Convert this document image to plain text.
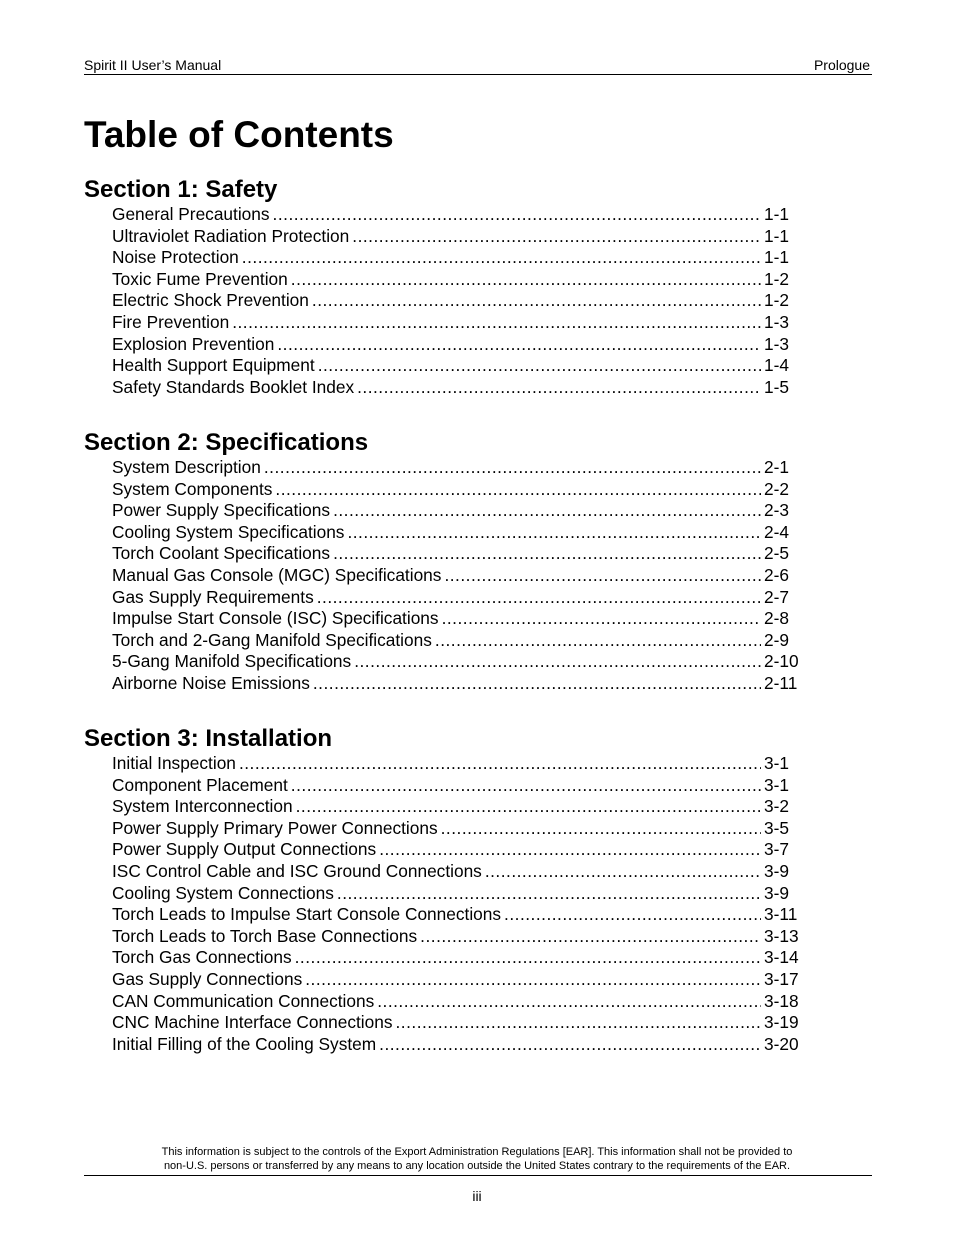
Spirit II User’s Manual	Prologue
Table of Contents
Section 1: Safety
General Precautions .....	1-1
Ultraviolet Radiation Protection .....	1-1
Noise Protection .....	1-1
Toxic Fume Prevention .....	1-2
Electric Shock Prevention .....	1-2
Fire Prevention .....	1-3
Explosion Prevention .....	1-3
Health Support Equipment .....	1-4
Safety Standards Booklet Index .....	1-5
Section 2: Specifications
System Description .....	2-1
System Components .....	2-2
Power Supply Specifications .....	2-3
Cooling System Specifications .....	2-4
Torch Coolant Specifications .....	2-5
Manual Gas Console (MGC) Specifications .....	2-6
Gas Supply Requirements .....	2-7
Impulse Start Console (ISC) Specifications .....	2-8
Torch and 2-Gang Manifold Specifications .....	2-9
5-Gang Manifold Specifications .....	2-10
Airborne Noise Emissions .....	2-11
Section 3: Installation
Initial Inspection .....	3-1
Component Placement .....	3-1
System Interconnection .....	3-2
Power Supply Primary Power Connections .....	3-5
Power Supply Output Connections .....	3-7
ISC Control Cable and ISC Ground Connections .....	3-9
Cooling System Connections .....	3-9
Torch Leads to Impulse Start Console Connections .....	3-11
Torch Leads to Torch Base Connections .....	3-13
Torch Gas Connections .....	3-14
Gas Supply Connections .....	3-17
CAN Communication Connections .....	3-18
CNC Machine Interface Connections .....	3-19
Initial Filling of the Cooling System .....	3-20
This information is subject to the controls of the Export Administration Regulations [EAR]. This information shall not be provided to
non-U.S. persons or transferred by any means to any location outside the United States contrary to the requirements of the EAR.
iii
